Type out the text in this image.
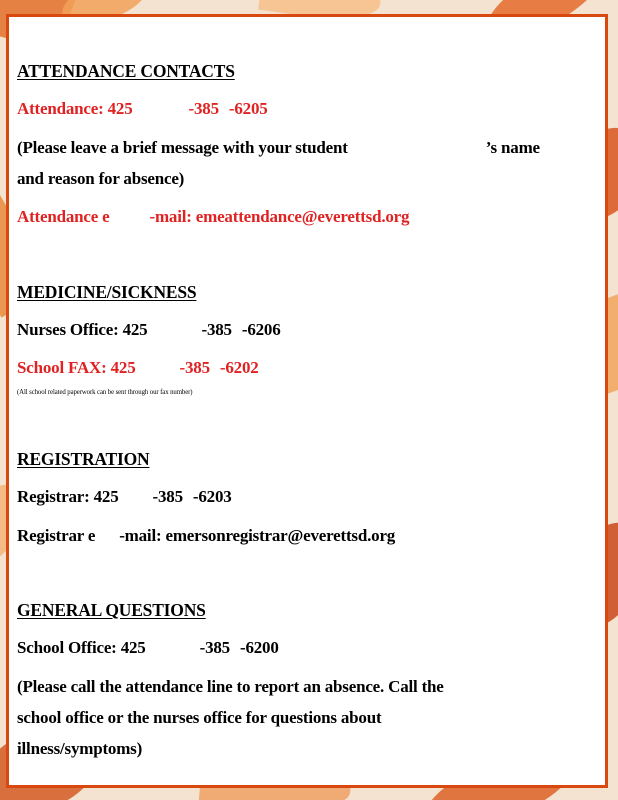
ATTENDANCE CONTACTS

Attendance: 425	-385 -6205

(Please leave a brief message with your student	’s name

and reason for absence)

Attendance e -mail: emeattendance@everettsd.org

MEDICINE/SICKNESS

Nurses Office: 425	-385 -6206

School FAX: 425	-385 -6202

(All school related paperwork can be sent through our fax number)

REGISTRATION

Registrar: 425 -385 -6203

Registrar e -mail: emersonregistrar@everettsd.org

GENERAL QUESTIONS

School Office: 425	-385 -6200

(Please call the attendance line to report an absence. Call the school office or the nurses office for questions about illness/symptoms)
